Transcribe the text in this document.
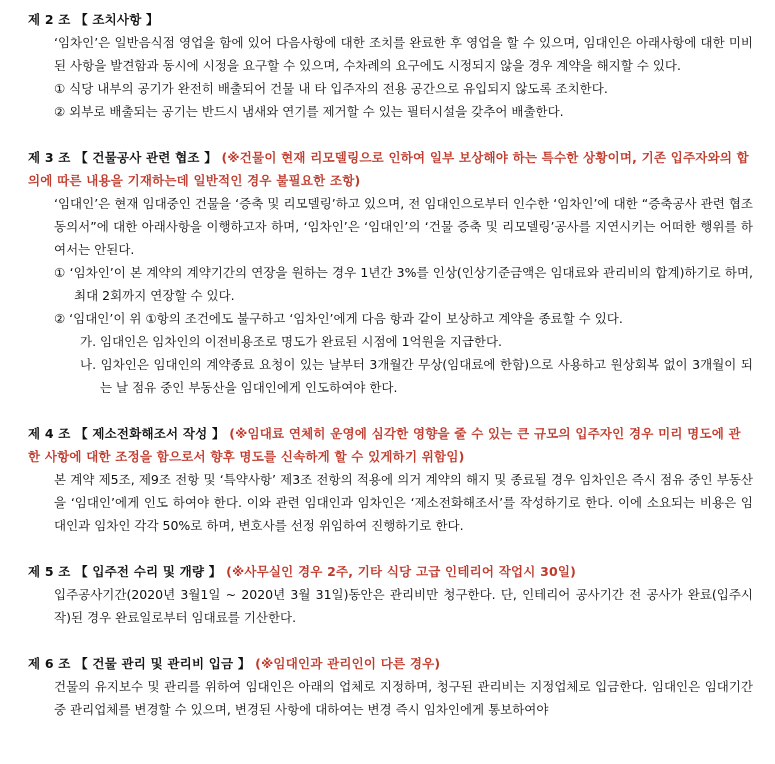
제 2 조 【 조치사항 】
‘임차인’은 일반음식점 영업을 함에 있어 다음사항에 대한 조치를 완료한 후 영업을 할 수 있으며, 임대인은 아래사항에 대한 미비 된 사항을 발견함과 동시에 시정을 요구할 수 있으며, 수차례의 요구에도 시정되지 않을 경우 계약을 해지할 수 있다.
① 식당 내부의 공기가 완전히 배출되어 건물 내 타 입주자의 전용 공간으로 유입되지 않도록 조치한다.
② 외부로 배출되는 공기는 반드시 냄새와 연기를 제거할 수 있는 필터시설을 갖추어 배출한다.
제 3 조 【 건물공사 관련 협조 】 (※건물이 현재 리모델링으로 인하여 일부 보상해야 하는 특수한 상황이며, 기존 입주자와의 합의에 따른 내용을 기재하는데 일반적인 경우 불필요한 조항)
‘임대인’은 현재 임대중인 건물을 ‘증축 및 리모델링’하고 있으며, 전 임대인으로부터 인수한 ‘임차인’에 대한 “증축공사 관련 협조 동의서”에 대한 아래사항을 이행하고자 하며, ‘임차인’은 ‘임대인’의 ‘건물 증축 및 리모델링’공사를 지연시키는 어떠한 행위를 하여서는 안된다.
① ‘임차인’이 본 계약의 계약기간의 연장을 원하는 경우 1년간 3%를 인상(인상기준금액은 임대료와 관리비의 합계)하기로 하며, 최대 2회까지 연장할 수 있다.
② ‘임대인’이 위 ①항의 조건에도 불구하고 ‘임차인’에게 다음 항과 같이 보상하고 계약을 종료할 수 있다.
가. 임대인은 임차인의 이전비용조로 명도가 완료된 시점에 1억원을 지급한다.
나. 임차인은 임대인의 계약종료 요청이 있는 날부터 3개월간 무상(임대료에 한함)으로 사용하고 원상회복 없이 3개월이 되는 날 점유 중인 부동산을 임대인에게 인도하여야 한다.
제 4 조 【 제소전화해조서 작성 】 (※임대료 연체히 운영에 심각한 영향을 줄 수 있는 큰 규모의 입주자인 경우 미리 명도에 관한 사항에 대한 조정을 함으로서 향후 명도를 신속하게 할 수 있게하기 위함임)
본 계약 제5조, 제9조 전항 및 ‘특약사항’ 제3조 전항의 적용에 의거 계약의 해지 및 종료될 경우 임차인은 즉시 점유 중인 부동산을 ‘임대인’에게 인도 하여야 한다. 이와 관련 임대인과 임차인은 ‘제소전화해조서’를 작성하기로 한다. 이에 소요되는 비용은 임대인과 임차인 각각 50%로 하며, 변호사를 선정 위임하여 진행하기로 한다.
제 5 조 【 입주전 수리 및 개량 】 (※사무실인 경우 2주, 기타 식당 고급 인테리어 작업시 30일)
입주공사기간(2020년 3월1일 ~ 2020년 3월 31일)동안은 관리비만 청구한다. 단, 인테리어 공사기간 전 공사가 완료(입주시작)된 경우 완료일로부터 임대료를 기산한다.
제 6 조 【 건물 관리 및 관리비 입금 】 (※임대인과 관리인이 다른 경우)
건물의 유지보수 및 관리를 위하여 임대인은 아래의 업체로 지정하며, 청구된 관리비는 지정업체로 입금한다. 임대인은 임대기간 중 관리업체를 변경할 수 있으며, 변경된 사항에 대하여는 변경 즉시 임차인에게 통보하여야
